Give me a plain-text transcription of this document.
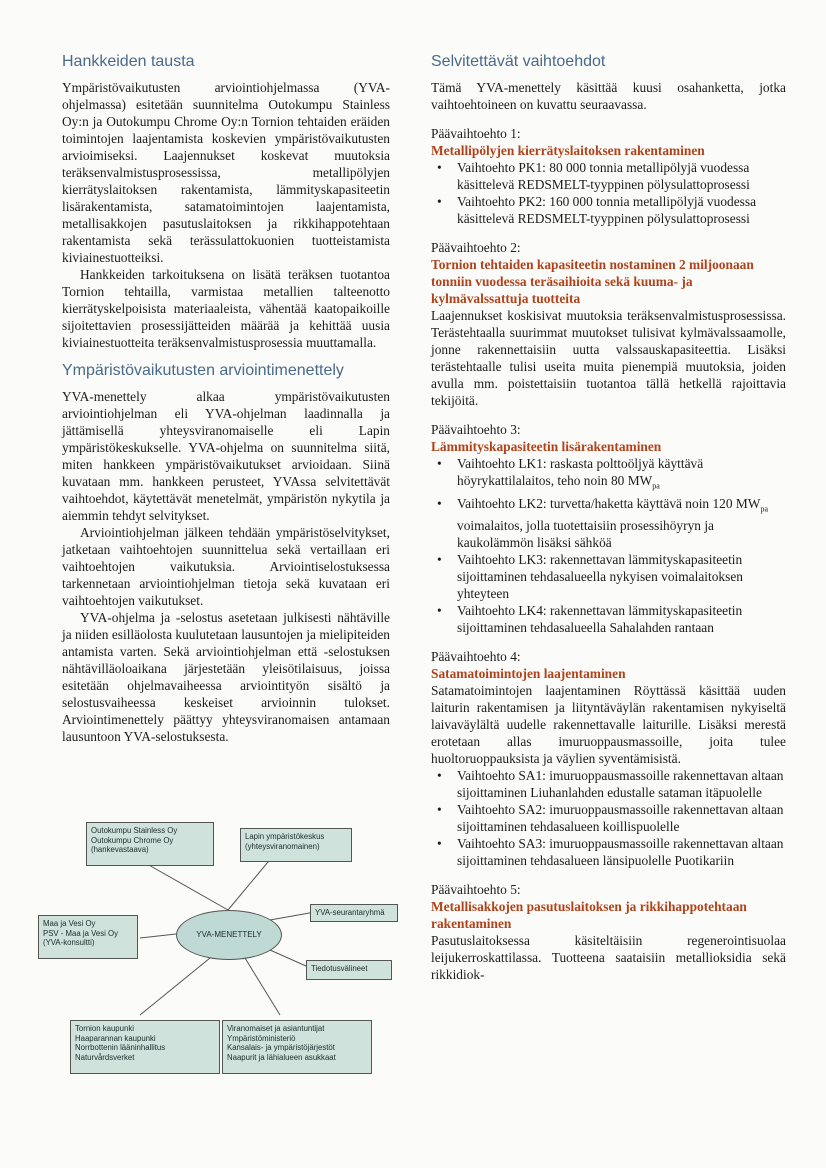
Hankkeiden tausta

Ympäristövaikutusten arviointiohjelmassa (YVA-ohjelmassa) esitetään suunnitelma Outokumpu Stainless Oy:n ja Outokumpu Chrome Oy:n Tornion tehtaiden eräiden toimintojen laajentamista koskevien ympäristövaikutusten arvioimiseksi. Laajennukset koskevat muutoksia teräksenvalmistusprosessissa, metallipölyjen kierrätyslaitoksen rakentamista, lämmityskapasiteetin lisärakentamista, satamatoimintojen laajentamista, metallisakkojen pasutuslaitoksen ja rikkihappotehtaan rakentamista sekä terässulattokuonien tuotteistamista kiviainestuotteiksi.

Hankkeiden tarkoituksena on lisätä teräksen tuotantoa Tornion tehtailla, varmistaa metallien talteenotto kierrätyskelpoisista materiaaleista, vähentää kaatopaikoille sijoitettavien prosessijätteiden määrää ja kehittää uusia kiviainestuotteita teräksenvalmistusprosessia muuttamalla.

Ympäristövaikutusten arviointimenettely

YVA-menettely alkaa ympäristövaikutusten arviointiohjelman eli YVA-ohjelman laadinnalla ja jättämisellä yhteysviranomaiselle eli Lapin ympäristökeskukselle. YVA-ohjelma on suunnitelma siitä, miten hankkeen ympäristövaikutukset arvioidaan. Siinä kuvataan mm. hankkeen perusteet, YVAssa selvitettävät vaihtoehdot, käytettävät menetelmät, ympäristön nykytila ja aiemmin tehdyt selvitykset.

Arviointiohjelman jälkeen tehdään ympäristöselvitykset, jatketaan vaihtoehtojen suunnittelua sekä vertaillaan eri vaihtoehtojen vaikutuksia. Arviointiselostuksessa tarkennetaan arviointiohjelman tietoja sekä kuvataan eri vaihtoehtojen vaikutukset.

YVA-ohjelma ja -selostus asetetaan julkisesti nähtäville ja niiden esilläolosta kuulutetaan lausuntojen ja mielipiteiden antamista varten. Sekä arviointiohjelman että -selostuksen nähtävilläoloaikana järjestetään yleisötilaisuus, joissa esitetään ohjelmavaiheessa arviointityön sisältö ja selostusvaiheessa keskeiset arvioinnin tulokset. Arviointimenettely päättyy yhteysviranomaisen antamaan lausuntoon YVA-selostuksesta.

Outokumpu Stainless Oy
Outokumpu Chrome Oy
(hankevastaava)
Lapin ympäristökeskus
(yhteysviranomainen)
YVA-seurantaryhmä
Maa ja Vesi Oy
PSV - Maa ja Vesi Oy
(YVA-konsultti)
YVA-MENETTELY
Tiedotusvälineet
Tornion kaupunki
Haaparannan kaupunki
Norrbottenin lääninhallitus
Naturvårdsverket
Viranomaiset ja asiantuntijat
Ympäristöministeriö
Kansalais- ja ympäristöjärjestöt
Naapurit ja lähialueen asukkaat
Selvitettävät vaihtoehdot

Tämä YVA-menettely käsittää kuusi osahanketta, jotka vaihtoehtoineen on kuvattu seuraavassa.

Päävaihtoehto 1:
Metallipölyjen kierrätyslaitoksen rakentaminen
• Vaihtoehto PK1: 80 000 tonnia metallipölyjä vuodessa käsittelevä REDSMELT-tyyppinen pölysulattoprosessi
• Vaihtoehto PK2: 160 000 tonnia metallipölyjä vuodessa käsittelevä REDSMELT-tyyppinen pölysulattoprosessi
Päävaihtoehto 2:
Tornion tehtaiden kapasiteetin nostaminen 2 miljoonaan tonniin vuodessa teräsaihioita sekä kuuma- ja kylmävalssattuja tuotteita

Laajennukset koskisivat muutoksia teräksenvalmistusprosessissa. Terästehtaalla suurimmat muutokset tulisivat kylmävalssaamolle, jonne rakennettaisiin uutta valssauskapasiteettia. Lisäksi terästehtaalle tulisi useita muita pienempiä muutoksia, joiden avulla mm. poistettaisiin tuotantoa tällä hetkellä rajoittavia tekijöitä.

Päävaihtoehto 3:
Lämmityskapasiteetin lisärakentaminen
• Vaihtoehto LK1: raskasta polttoöljyä käyttävä höyrykattilalaitos, teho noin 80 $MW_{pa}$
• Vaihtoehto LK2: turvetta/haketta käyttävä noin 120 $MW_{pa}$ voimalaitos, jolla tuotettaisiin prosessihöyryn ja kaukolämmön lisäksi sähköä
• Vaihtoehto LK3: rakennettavan lämmityskapasiteetin sijoittaminen tehdasalueella nykyisen voimalaitoksen yhteyteen
• Vaihtoehto LK4: rakennettavan lämmityskapasiteetin sijoittaminen tehdasalueella Sahalahden rantaan
Päävaihtoehto 4:
Satamatoimintojen laajentaminen

Satamatoimintojen laajentaminen Röyttässä käsittää uuden laiturin rakentamisen ja liityntäväylän rakentamisen nykyiseltä laivaväylältä uudelle rakennettavalle laiturille. Lisäksi merestä erotetaan allas imuruoppausmassoille, joita tulee huoltoruoppauksista ja väylien syventämisistä.

• Vaihtoehto SA1: imuruoppausmassoille rakennettavan altaan sijoittaminen Liuhanlahden edustalle sataman itäpuolelle
• Vaihtoehto SA2: imuruoppausmassoille rakennettavan altaan sijoittaminen tehdasalueen koillispuolelle
• Vaihtoehto SA3: imuruoppausmassoille rakennettavan altaan sijoittaminen tehdasalueen länsipuolelle Puotikariin
Päävaihtoehto 5:
Metallisakkojen pasutuslaitoksen ja rikkihappotehtaan rakentaminen

Pasutuslaitoksessa käsiteltäisiin regenerointisuolaa leijukerroskattilassa. Tuotteena saataisiin metallioksidia sekä rikkidiok-
